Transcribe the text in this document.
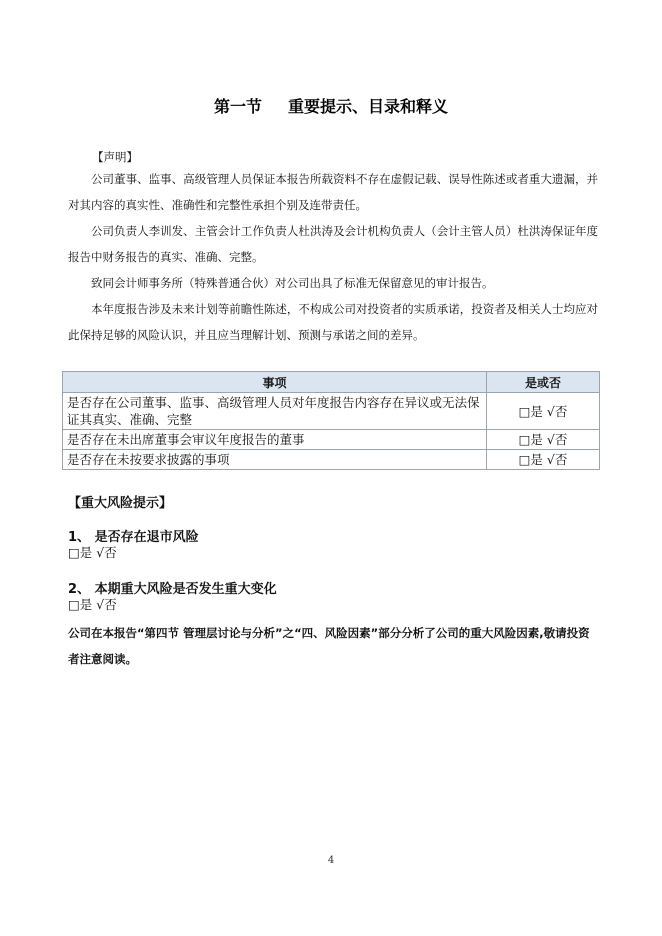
第一节 重要提示、目录和释义
【声明】

公司董事、监事、高级管理人员保证本报告所载资料不存在虚假记载、误导性陈述或者重大遗漏，并对其内容的真实性、准确性和完整性承担个别及连带责任。

公司负责人李训发、主管会计工作负责人杜洪涛及会计机构负责人（会计主管人员）杜洪涛保证年度报告中财务报告的真实、准确、完整。

致同会计师事务所（特殊普通合伙）对公司出具了标准无保留意见的审计报告。

本年度报告涉及未来计划等前瞻性陈述，不构成公司对投资者的实质承诺，投资者及相关人士均应对此保持足够的风险认识，并且应当理解计划、预测与承诺之间的差异。

事项	是或否
是否存在公司董事、监事、高级管理人员对年度报告内容存在异议或无法保证其真实、准确、完整	□是 √否
是否存在未出席董事会审议年度报告的董事	□是 √否
是否存在未按要求披露的事项	□是 √否
【重大风险提示】
1、 是否存在退市风险
□是 √否
2、 本期重大风险是否发生重大变化
□是 √否

公司在本报告“第四节 管理层讨论与分析”之“四、风险因素”部分分析了公司的重大风险因素,敬请投资者注意阅读。

4
